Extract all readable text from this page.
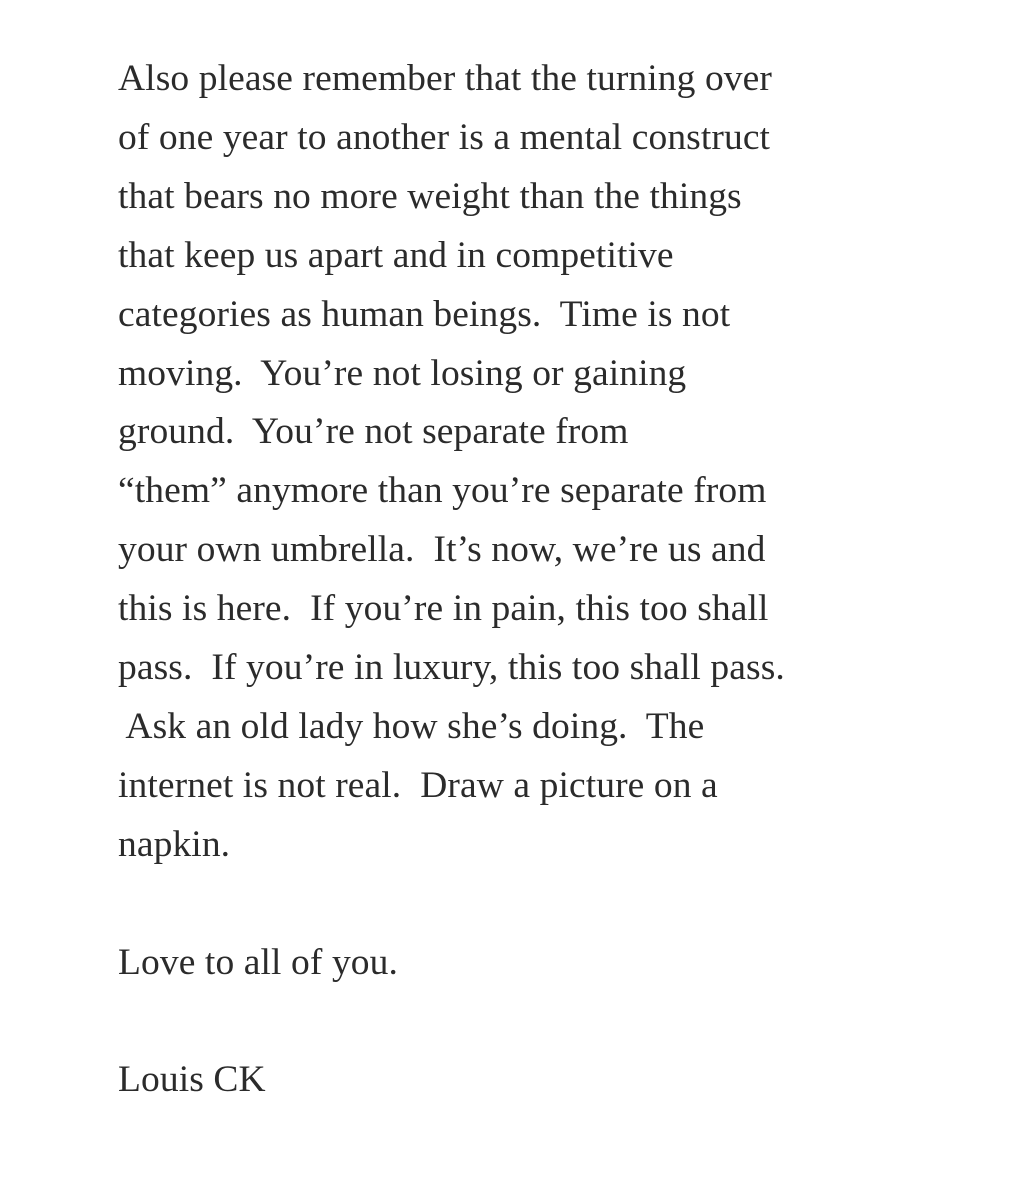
Also please remember that the turning over
of one year to another is a mental construct
that bears no more weight than the things
that keep us apart and in competitive
categories as human beings.  Time is not
moving.  You’re not losing or gaining
ground.  You’re not separate from
“them” anymore than you’re separate from
your own umbrella.  It’s now, we’re us and
this is here.  If you’re in pain, this too shall
pass.  If you’re in luxury, this too shall pass.
Ask an old lady how she’s doing.  The
internet is not real.  Draw a picture on a
napkin.
Love to all of you.
Louis CK
